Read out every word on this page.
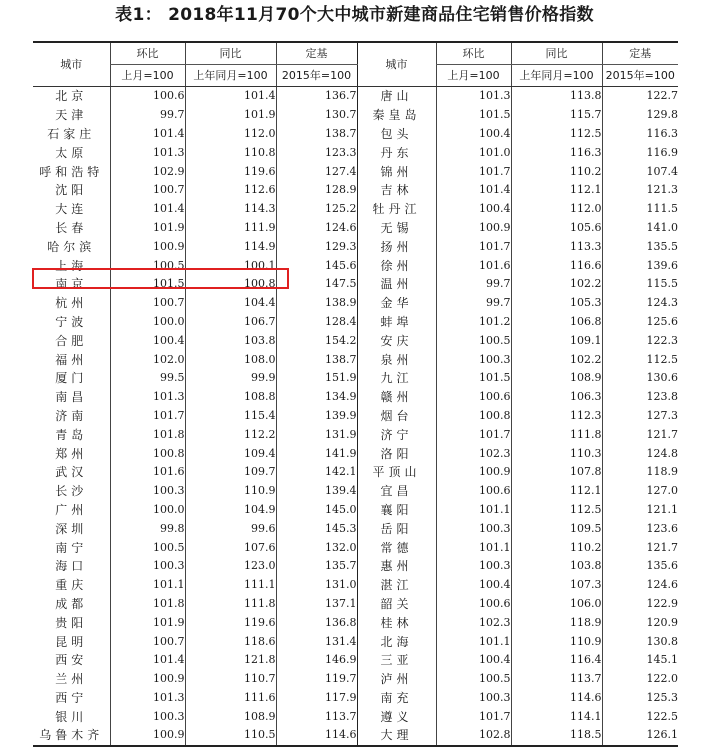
表1： 2018年11月70个大中城市新建商品住宅销售价格指数
城市	环比	同比	定基	城市	环比	同比	定基
	上月=100	上年同月=100	2015年=100		上月=100	上年同月=100	2015年=100
北京	100.6	101.4	136.7	唐山	101.3	113.8	122.7
天津	99.7	101.9	130.7	秦皇岛	101.5	115.7	129.8
石家庄	101.4	112.0	138.7	包头	100.4	112.5	116.3
太原	101.3	110.8	123.3	丹东	101.0	116.3	116.9
呼和浩特	102.9	119.6	127.4	锦州	101.7	110.2	107.4
沈阳	100.7	112.6	128.9	吉林	101.4	112.1	121.3
大连	101.4	114.3	125.2	牡丹江	100.4	112.0	111.5
长春	101.9	111.9	124.6	无锡	100.9	105.6	141.0
哈尔滨	100.9	114.9	129.3	扬州	101.7	113.3	135.5
上海	100.5	100.1	145.6	徐州	101.6	116.6	139.6
南京	101.5	100.8	147.5	温州	99.7	102.2	115.5
杭州	100.7	104.4	138.9	金华	99.7	105.3	124.3
宁波	100.0	106.7	128.4	蚌埠	101.2	106.8	125.6
合肥	100.4	103.8	154.2	安庆	100.5	109.1	122.3
福州	102.0	108.0	138.7	泉州	100.3	102.2	112.5
厦门	99.5	99.9	151.9	九江	101.5	108.9	130.6
南昌	101.3	108.8	134.9	赣州	100.6	106.3	123.8
济南	101.7	115.4	139.9	烟台	100.8	112.3	127.3
青岛	101.8	112.2	131.9	济宁	101.7	111.8	121.7
郑州	100.8	109.4	141.9	洛阳	102.3	110.3	124.8
武汉	101.6	109.7	142.1	平顶山	100.9	107.8	118.9
长沙	100.3	110.9	139.4	宜昌	100.6	112.1	127.0
广州	100.0	104.9	145.0	襄阳	101.1	112.5	121.1
深圳	99.8	99.6	145.3	岳阳	100.3	109.5	123.6
南宁	100.5	107.6	132.0	常德	101.1	110.2	121.7
海口	100.3	123.0	135.7	惠州	100.3	103.8	135.6
重庆	101.1	111.1	131.0	湛江	100.4	107.3	124.6
成都	101.8	111.8	137.1	韶关	100.6	106.0	122.9
贵阳	101.9	119.6	136.8	桂林	102.3	118.9	120.9
昆明	100.7	118.6	131.4	北海	101.1	110.9	130.8
西安	101.4	121.8	146.9	三亚	100.4	116.4	145.1
兰州	100.9	110.7	119.7	泸州	100.5	113.7	122.0
西宁	101.3	111.6	117.9	南充	100.3	114.6	125.3
银川	100.3	108.9	113.7	遵义	101.7	114.1	122.5
乌鲁木齐	100.9	110.5	114.6	大理	102.8	118.5	126.1
